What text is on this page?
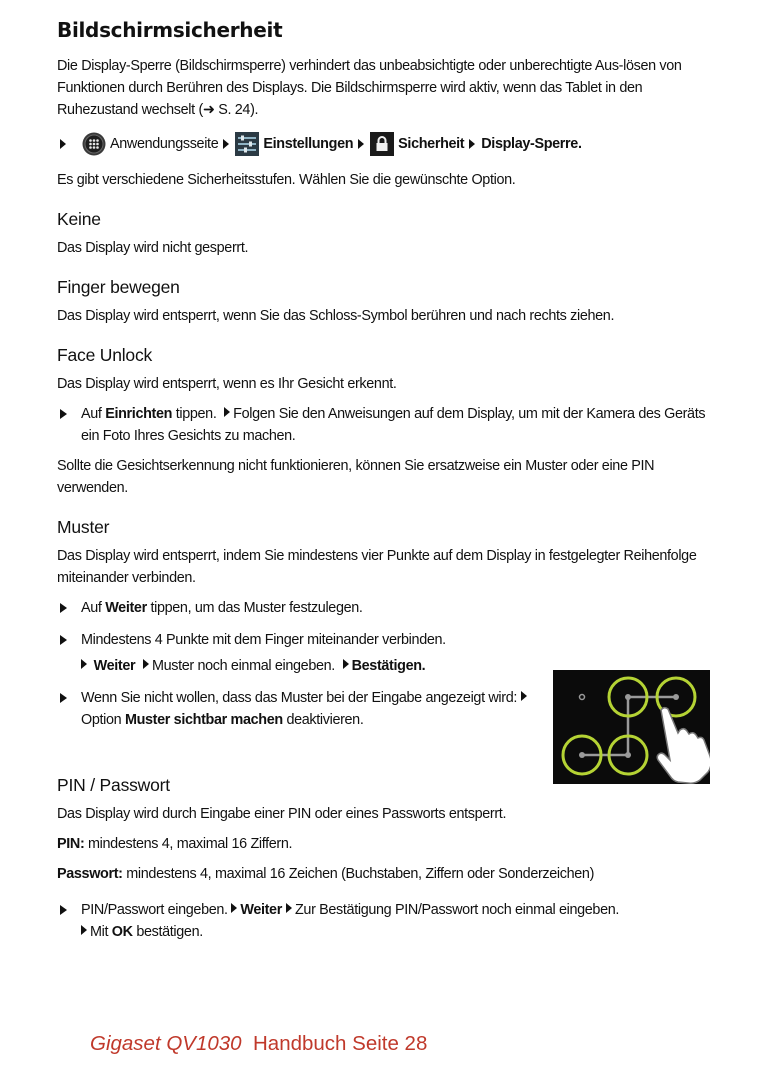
Bildschirmsicherheit

Die Display-Sperre (Bildschirmsperre) verhindert das unbeabsichtigte oder unberechtigte Aus-lösen von Funktionen durch Berühren des Displays. Die Bildschirmsperre wird aktiv, wenn das Tablet in den Ruhezustand wechselt (➜ S. 24).

Anwendungsseite	Einstellungen	Sicherheit Display-Sperre.

Es gibt verschiedene Sicherheitsstufen. Wählen Sie die gewünschte Option.

Keine

Das Display wird nicht gesperrt.

Finger bewegen

Das Display wird entsperrt, wenn Sie das Schloss-Symbol berühren und nach rechts ziehen.

Face Unlock

Das Display wird entsperrt, wenn es Ihr Gesicht erkennt.

Auf Einrichten tippen. Folgen Sie den Anweisungen auf dem Display, um mit der Kamera des Geräts ein Foto Ihres Gesichts zu machen.

Sollte die Gesichtserkennung nicht funktionieren, können Sie ersatzweise ein Muster oder eine PIN verwenden.

Muster

Das Display wird entsperrt, indem Sie mindestens vier Punkte auf dem Display in festgelegter Reihenfolge miteinander verbinden.

Auf Weiter tippen, um das Muster festzulegen.

Mindestens 4 Punkte mit dem Finger miteinander verbinden.

Weiter Muster noch einmal eingeben. Bestätigen.

Wenn Sie nicht wollen, dass das Muster bei der Eingabe angezeigt wird: Option Muster sichtbar machen deaktivieren.

PIN / Passwort

Das Display wird durch Eingabe einer PIN oder eines Passworts entsperrt.

PIN: mindestens 4, maximal 16 Ziffern.

Passwort: mindestens 4, maximal 16 Zeichen (Buchstaben, Ziffern oder Sonderzeichen)

PIN/Passwort eingeben. Weiter Zur Bestätigung PIN/Passwort noch einmal eingeben.
Mit OK bestätigen.

Gigaset QV1030 Handbuch Seite 28
